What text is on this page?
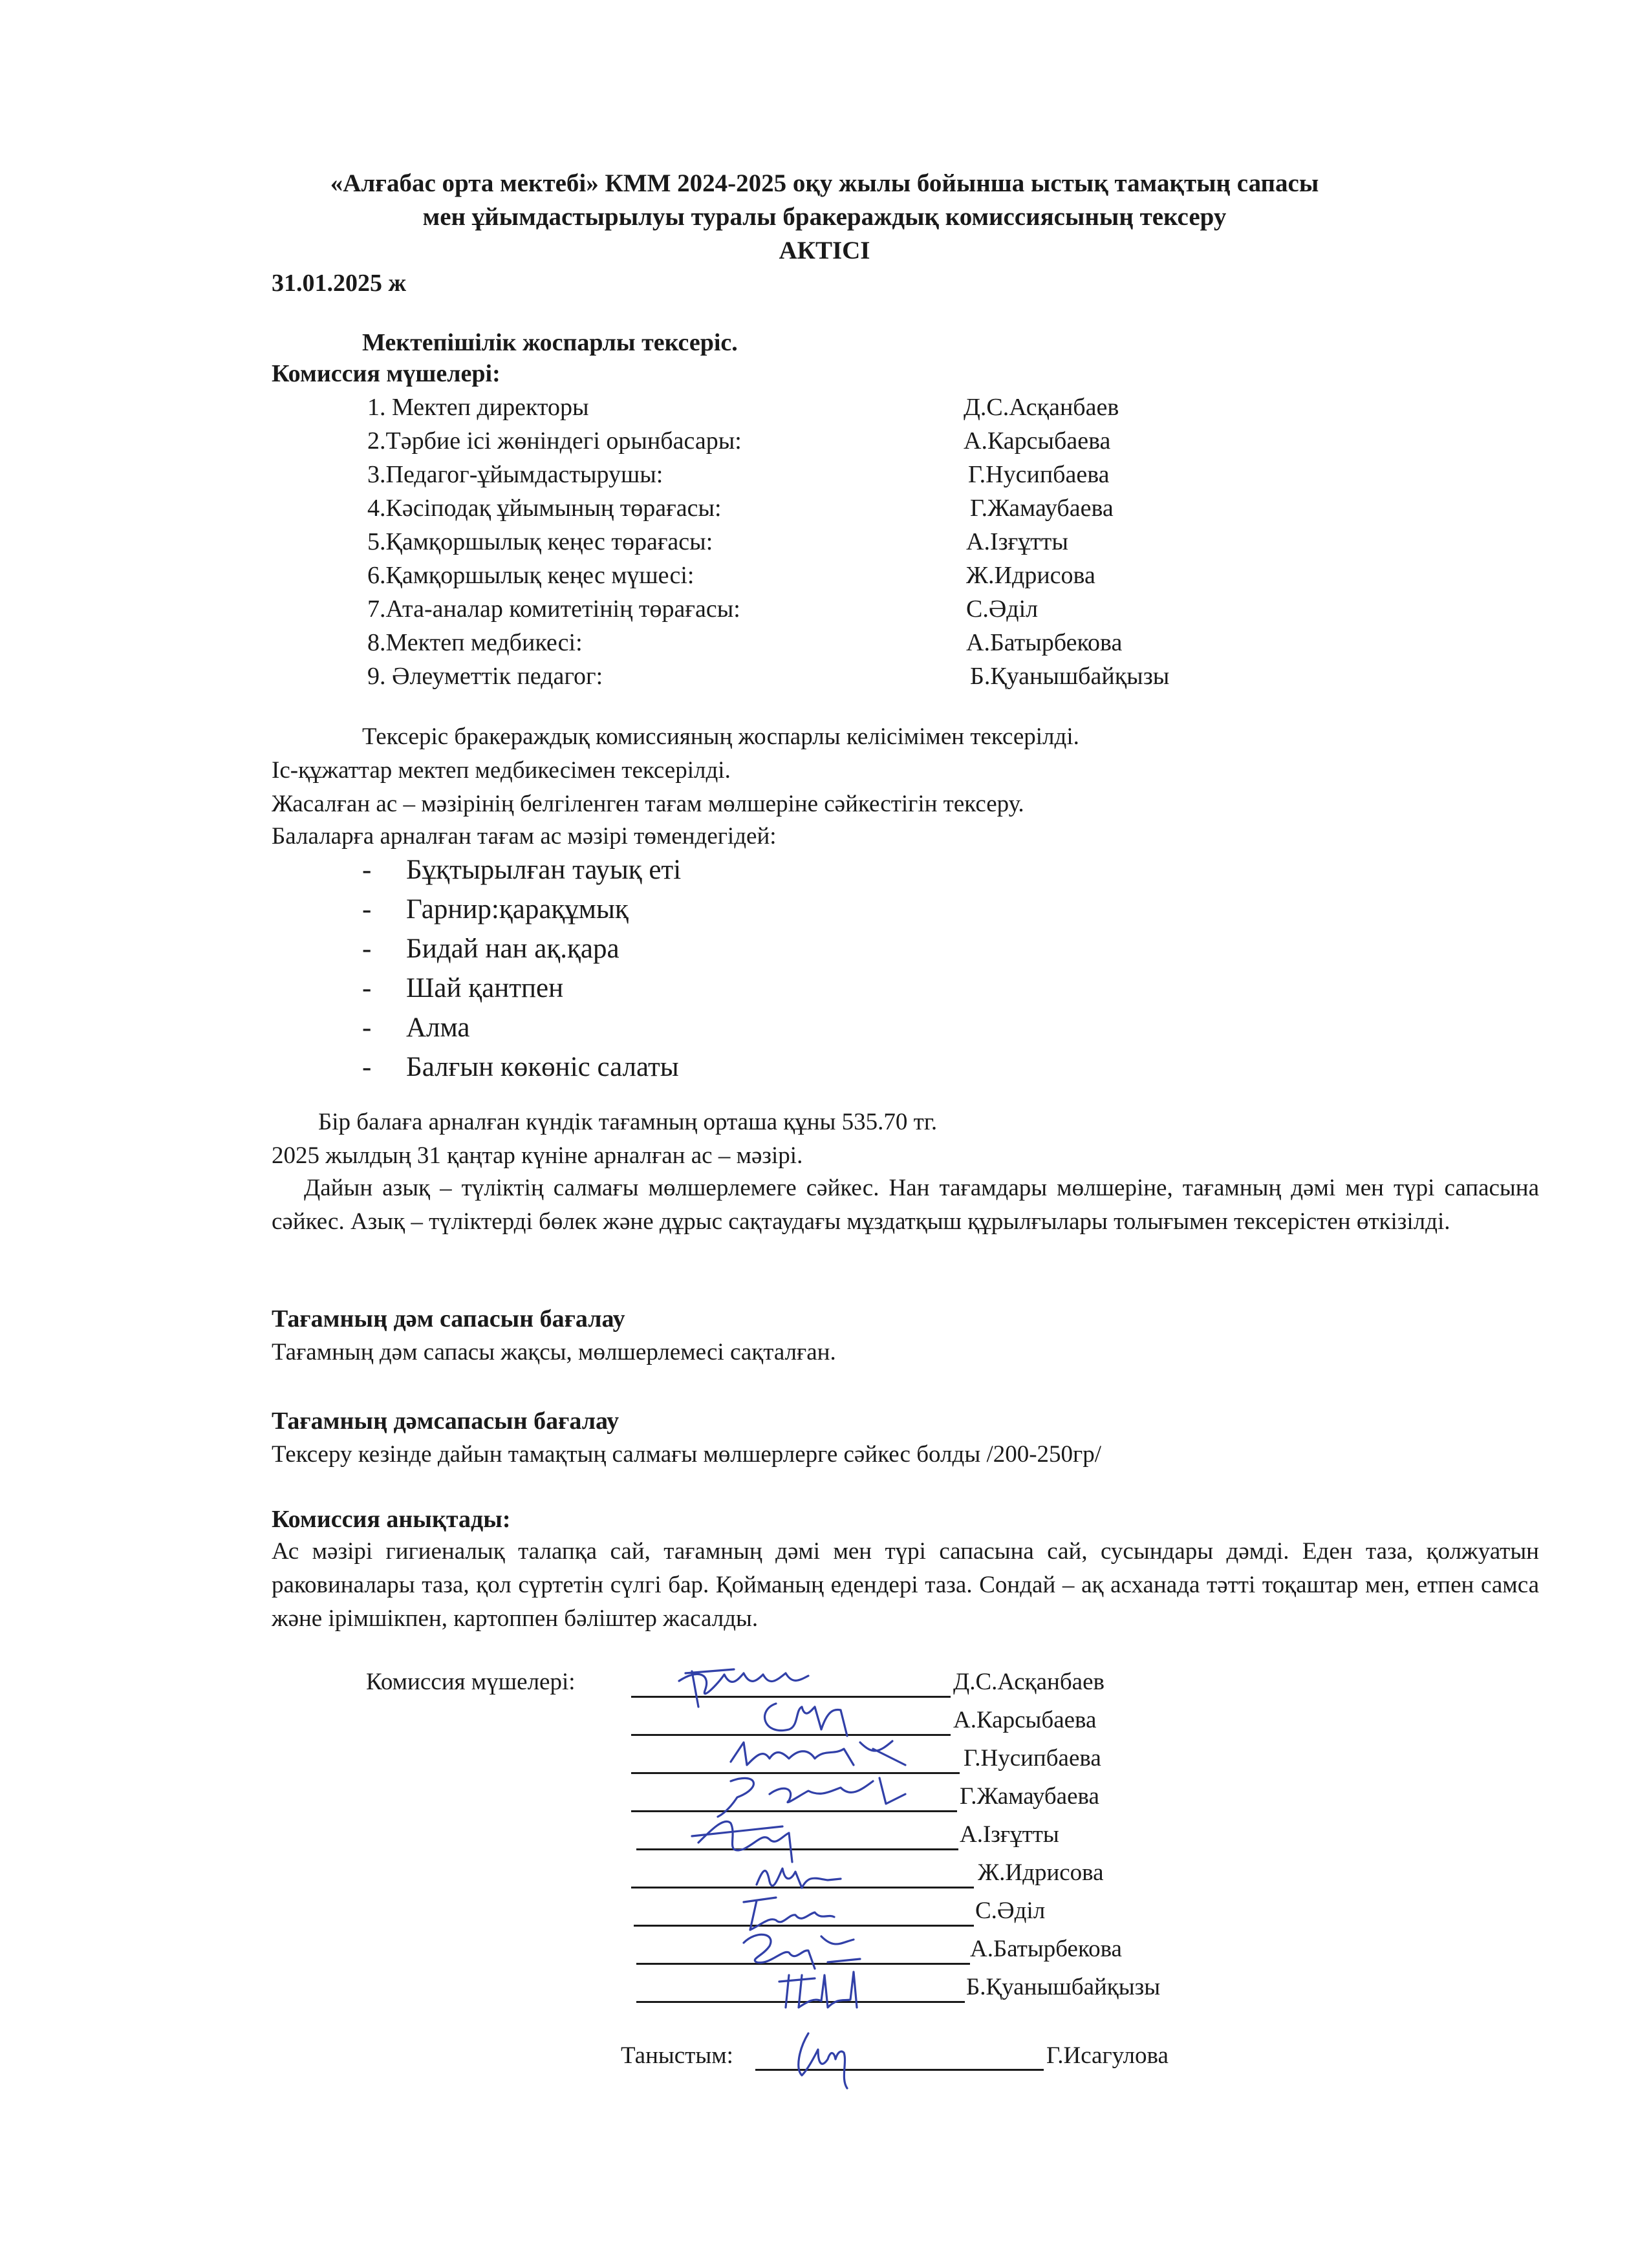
«Алғабас орта мектебі» КММ 2024-2025 оқу жылы бойынша ыстық тамақтың сапасы
мен ұйымдастырылуы туралы бракераждық комиссиясының тексеру
АКТІСІ
31.01.2025 ж
Мектепішілік жоспарлы тексеріс.
Комиссия мүшелері:
1. Мектеп директоры	Д.С.Асқанбаев
2.Тәрбие ісі жөніндегі орынбасары:	А.Карсыбаева
3.Педагог-ұйымдастырушы:	Г.Нусипбаева
4.Кәсіподақ ұйымының төрағасы:	Г.Жамаубаева
5.Қамқоршылық кеңес төрағасы:	А.Ізғұтты
6.Қамқоршылық кеңес мүшесі:	Ж.Идрисова
7.Ата-аналар комитетінің төрағасы:	С.Әділ
8.Мектеп медбикесі:	А.Батырбекова
9. Әлеуметтік педагог:	Б.Қуанышбайқызы
Тексеріс бракераждық комиссияның жоспарлы келісімімен тексерілді.
Іс-құжаттар мектеп медбикесімен тексерілді.
Жасалған ас – мәзірінің белгіленген тағам мөлшеріне сәйкестігін тексеру.
Балаларға арналған тағам ас мәзірі төмендегідей:
- Бұқтырылған тауық еті
- Гарнир:қарақұмық
- Бидай нан ақ.қара
- Шай қантпен
- Алма
- Балғын көкөніс салаты
Бір балаға арналған күндік тағамның орташа құны 535.70 тг.
2025 жылдың 31 қаңтар күніне арналған ас – мәзірі.
Дайын азық – түліктің салмағы мөлшерлемеге сәйкес. Нан тағамдары мөлшеріне, тағамның дәмі мен түрі сапасына сәйкес. Азық – түліктерді бөлек және дұрыс сақтаудағы мұздатқыш құрылғылары толығымен тексерістен өткізілді.
Тағамның дәм сапасын бағалау
Тағамның дәм сапасы жақсы, мөлшерлемесі сақталған.
Тағамның дәмсапасын бағалау
Тексеру кезінде дайын тамақтың салмағы мөлшерлерге сәйкес болды /200-250гр/
Комиссия анықтады:
Ас мәзірі гигиеналық талапқа сай, тағамның дәмі мен түрі сапасына сай, сусындары дәмді. Еден таза, қолжуатын раковиналары таза, қол сүртетін сүлгі бар. Қойманың едендері таза. Сондай – ақ асханада тәтті тоқаштар мен, етпен самса және ірімшікпен, картоппен бәліштер жасалды.
Комиссия мүшелері:	Д.С.Асқанбаев
А.Карсыбаева
Г.Нусипбаева
Г.Жамаубаева
А.Ізғұтты
Ж.Идрисова
С.Әділ
А.Батырбекова
Б.Қуанышбайқызы
Таныстым:	Г.Исагулова
